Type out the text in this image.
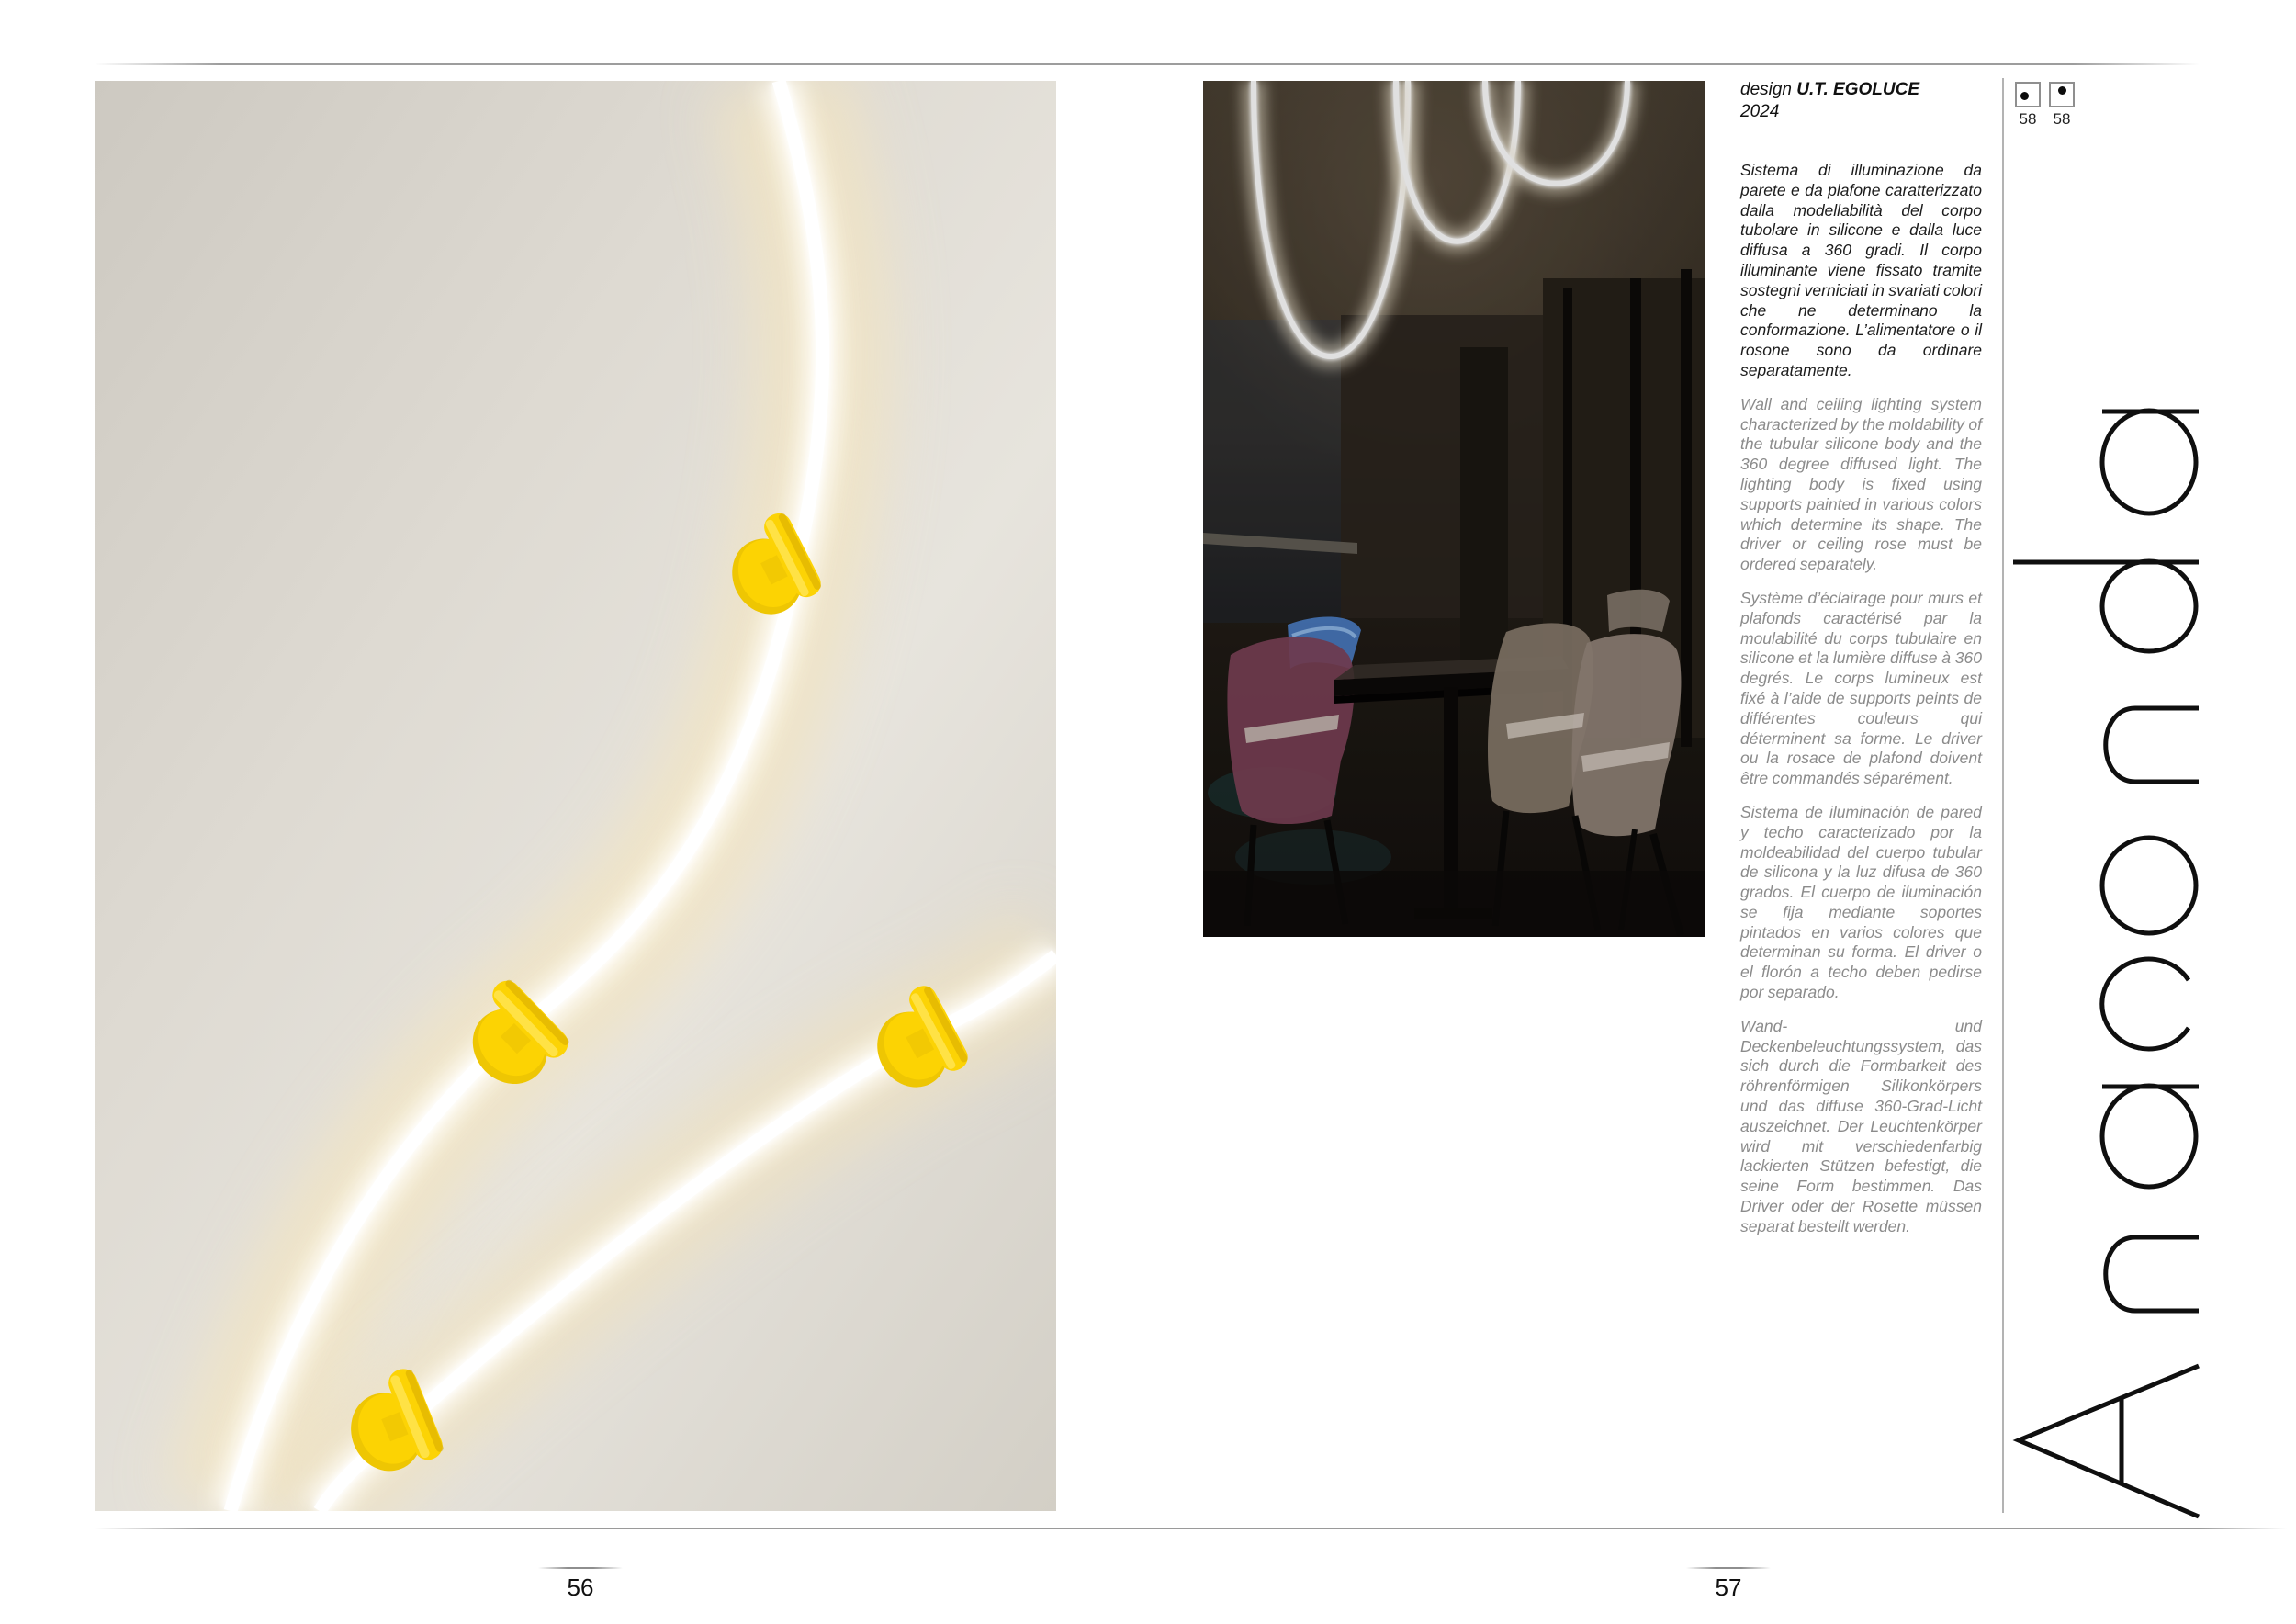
design U.T. EGOLUCE
2024

Sistema di illuminazione da parete e da plafone caratterizzato dalla modellabilità del corpo tubolare in silicone e dalla luce diffusa a 360 gradi. Il corpo illuminante viene fissato tramite sostegni verniciati in svariati colori che ne determinano la conformazione. L’alimentatore o il rosone sono da ordinare separatamente.

Wall and ceiling lighting system characterized by the moldability of the tubular silicone body and the 360 degree diffused light. The lighting body is fixed using supports painted in various colors which determine its shape. The driver or ceiling rose must be ordered separately.

Système d’éclairage pour murs et plafonds caractérisé par la moulabilité du corps tubulaire en silicone et la lumière diffuse à 360 degrés. Le corps lumineux est fixé à l’aide de supports peints de différentes couleurs qui déterminent sa forme. Le driver ou la rosace de plafond doivent être commandés séparément.

Sistema de iluminación de pared y techo caracterizado por la moldeabilidad del cuerpo tubular de silicona y la luz difusa de 360 grados. El cuerpo de iluminación se fija mediante soportes pintados en varios colores que determinan su forma. El driver o el florón a techo deben pedirse por separado.

Wand- und Deckenbeleuchtungssystem, das sich durch die Formbarkeit des röhrenförmigen Silikonkörpers und das diffuse 360-Grad-Licht auszeichnet. Der Leuchtenkörper wird mit verschiedenfarbig lackierten Stützen befestigt, die seine Form bestimmen. Das Driver oder der Rosette müssen separat bestellt werden.

58 58
56	57
